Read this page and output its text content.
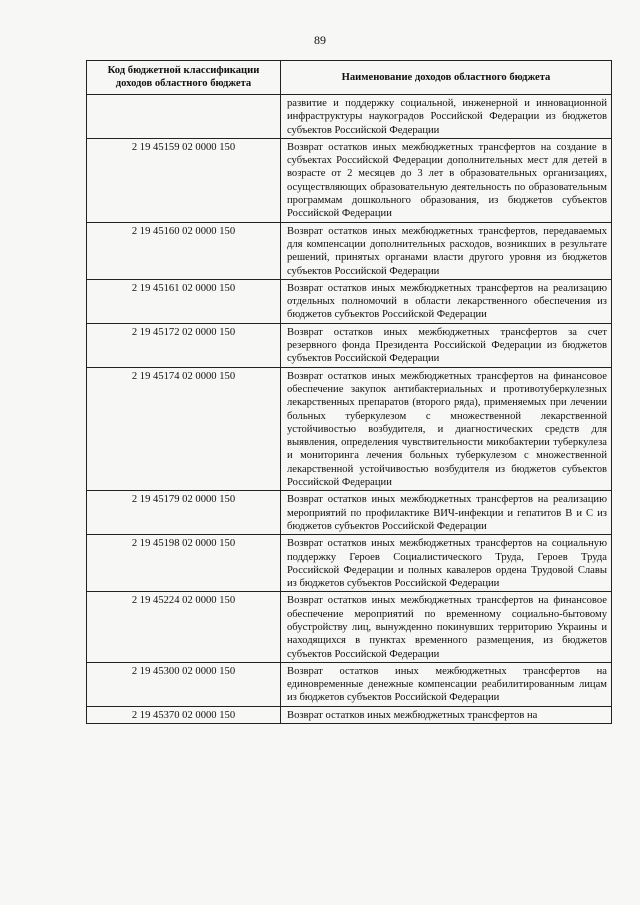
89
Код бюджетной классификации доходов областного бюджета	Наименование доходов областного бюджета
	развитие и поддержку социальной, инженерной и инновационной инфраструктуры наукоградов Российской Федерации из бюджетов субъектов Российской Федерации
2 19 45159 02 0000 150	Возврат остатков иных межбюджетных трансфертов на создание в субъектах Российской Федерации дополнительных мест для детей в возрасте от 2 месяцев до 3 лет в образовательных организациях, осуществляющих образовательную деятельность по образовательным программам дошкольного образования, из бюджетов субъектов Российской Федерации
2 19 45160 02 0000 150	Возврат остатков иных межбюджетных трансфертов, передаваемых для компенсации дополнительных расходов, возникших в результате решений, принятых органами власти другого уровня из бюджетов субъектов Российской Федерации
2 19 45161 02 0000 150	Возврат остатков иных межбюджетных трансфертов на реализацию отдельных полномочий в области лекарственного обеспечения из бюджетов субъектов Российской Федерации
2 19 45172 02 0000 150	Возврат остатков иных межбюджетных трансфертов за счет резервного фонда Президента Российской Федерации из бюджетов субъектов Российской Федерации
2 19 45174 02 0000 150	Возврат остатков иных межбюджетных трансфертов на финансовое обеспечение закупок антибактериальных и противотуберкулезных лекарственных препаратов (второго ряда), применяемых при лечении больных туберкулезом с множественной лекарственной устойчивостью возбудителя, и диагностических средств для выявления, определения чувствительности микобактерии туберкулеза и мониторинга лечения больных туберкулезом с множественной лекарственной устойчивостью возбудителя из бюджетов субъектов Российской Федерации
2 19 45179 02 0000 150	Возврат остатков иных межбюджетных трансфертов на реализацию мероприятий по профилактике ВИЧ-инфекции и гепатитов B и C из бюджетов субъектов Российской Федерации
2 19 45198 02 0000 150	Возврат остатков иных межбюджетных трансфертов на социальную поддержку Героев Социалистического Труда, Героев Труда Российской Федерации и полных кавалеров ордена Трудовой Славы из бюджетов субъектов Российской Федерации
2 19 45224 02 0000 150	Возврат остатков иных межбюджетных трансфертов на финансовое обеспечение мероприятий по временному социально-бытовому обустройству лиц, вынужденно покинувших территорию Украины и находящихся в пунктах временного размещения, из бюджетов субъектов Российской Федерации
2 19 45300 02 0000 150	Возврат остатков иных межбюджетных трансфертов на единовременные денежные компенсации реабилитированным лицам из бюджетов субъектов Российской Федерации
2 19 45370 02 0000 150	Возврат остатков иных межбюджетных трансфертов на
